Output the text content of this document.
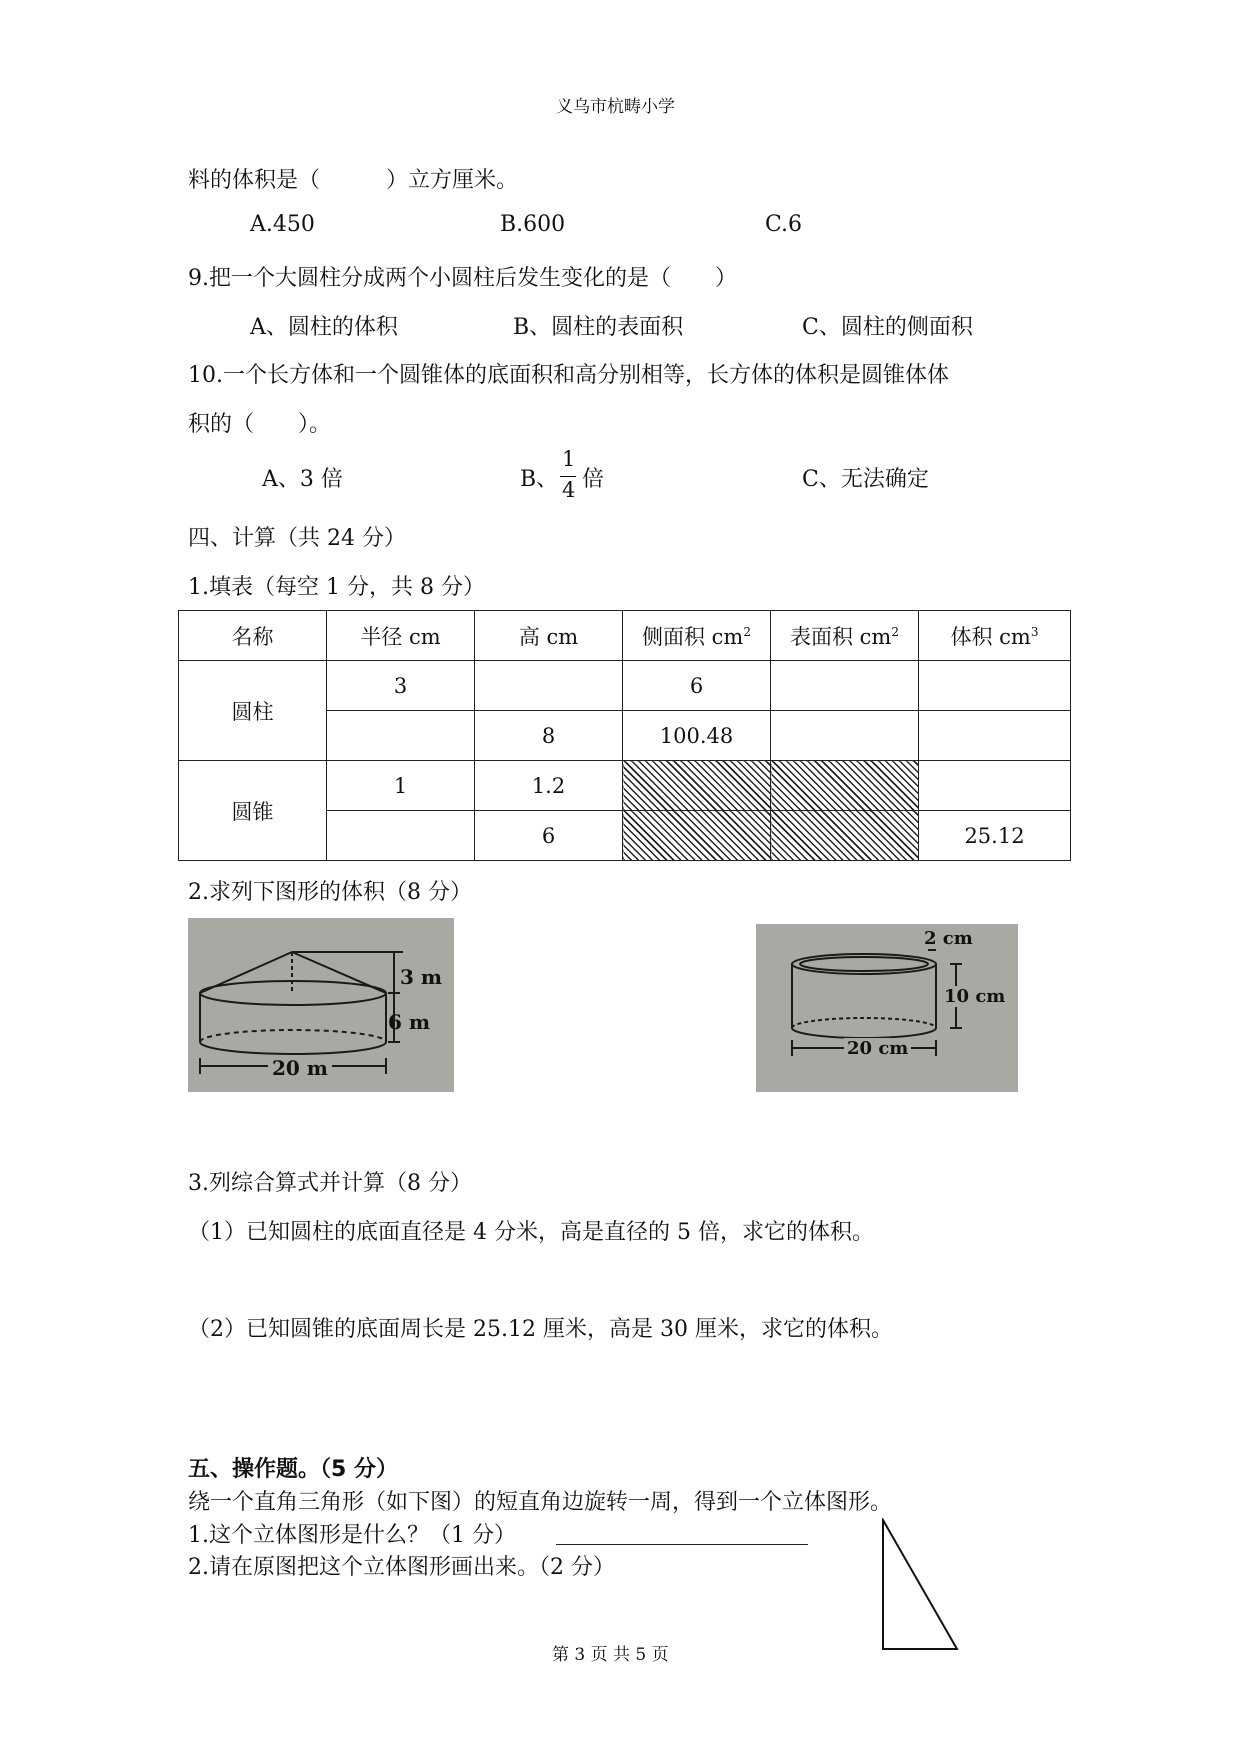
义乌市杭畴小学
料的体积是（　　　）立方厘米。
A.450	B.600	C.6
9.把一个大圆柱分成两个小圆柱后发生变化的是（　　）
A、圆柱的体积	B、圆柱的表面积	C、圆柱的侧面积
10.一个长方体和一个圆锥体的底面积和高分别相等，长方体的体积是圆锥体体
积的（　　）。
A、3 倍	B、
1
4 倍	C、无法确定
四、计算（共 24 分）
1.填表（每空 1 分，共 8 分）
名称	半径 cm	高 cm	侧面积 $cm^2$	表面积 $cm^2$	体积 $cm^3$
圆柱	3		6		
		8	100.48		
圆锥	1	1.2			
		6			25.12
2.求列下图形的体积（8 分）
3 m
6 m
20 m
2 cm
10 cm
20 cm
3.列综合算式并计算（8 分）
（1）已知圆柱的底面直径是 4 分米，高是直径的 5 倍，求它的体积。
（2）已知圆锥的底面周长是 25.12 厘米，高是 30 厘米，求它的体积。
五、操作题。（5 分）
绕一个直角三角形（如下图）的短直角边旋转一周，得到一个立体图形。
1.这个立体图形是什么？（1 分）
2.请在原图把这个立体图形画出来。（2 分）
第 3 页 共 5 页
